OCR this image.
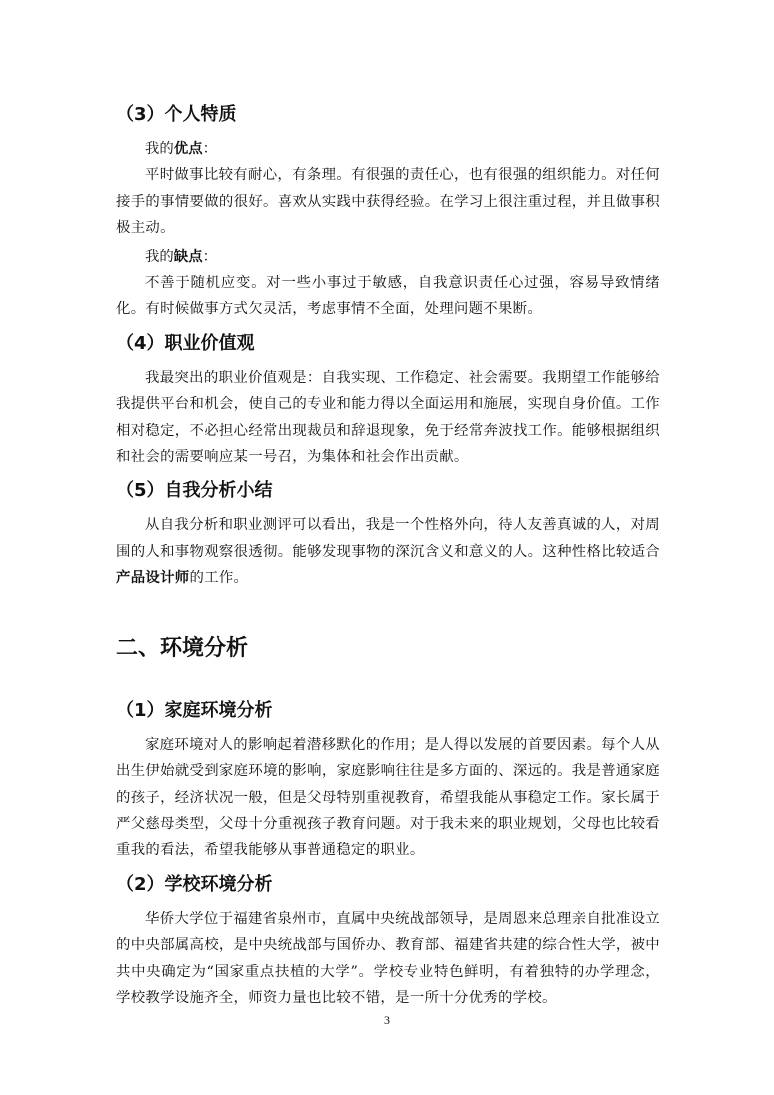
（3）个人特质

我的优点：

平时做事比较有耐心，有条理。有很强的责任心，也有很强的组织能力。对任何接手的事情要做的很好。喜欢从实践中获得经验。在学习上很注重过程，并且做事积极主动。

我的缺点：

不善于随机应变。对一些小事过于敏感，自我意识责任心过强，容易导致情绪化。有时候做事方式欠灵活，考虑事情不全面，处理问题不果断。

（4）职业价值观

我最突出的职业价值观是：自我实现、工作稳定、社会需要。我期望工作能够给我提供平台和机会，使自己的专业和能力得以全面运用和施展，实现自身价值。工作相对稳定，不必担心经常出现裁员和辞退现象，免于经常奔波找工作。能够根据组织和社会的需要响应某一号召，为集体和社会作出贡献。

（5）自我分析小结

从自我分析和职业测评可以看出，我是一个性格外向，待人友善真诚的人，对周围的人和事物观察很透彻。能够发现事物的深沉含义和意义的人。这种性格比较适合产品设计师的工作。

二、环境分析
（1）家庭环境分析

家庭环境对人的影响起着潜移默化的作用；是人得以发展的首要因素。每个人从出生伊始就受到家庭环境的影响，家庭影响往往是多方面的、深远的。我是普通家庭的孩子，经济状况一般，但是父母特别重视教育，希望我能从事稳定工作。家长属于严父慈母类型，父母十分重视孩子教育问题。对于我未来的职业规划，父母也比较看重我的看法，希望我能够从事普通稳定的职业。

（2）学校环境分析

华侨大学位于福建省泉州市，直属中央统战部领导，是周恩来总理亲自批准设立的中央部属高校，是中央统战部与国侨办、教育部、福建省共建的综合性大学，被中共中央确定为“国家重点扶植的大学”。学校专业特色鲜明，有着独特的办学理念，学校教学设施齐全，师资力量也比较不错，是一所十分优秀的学校。

3
